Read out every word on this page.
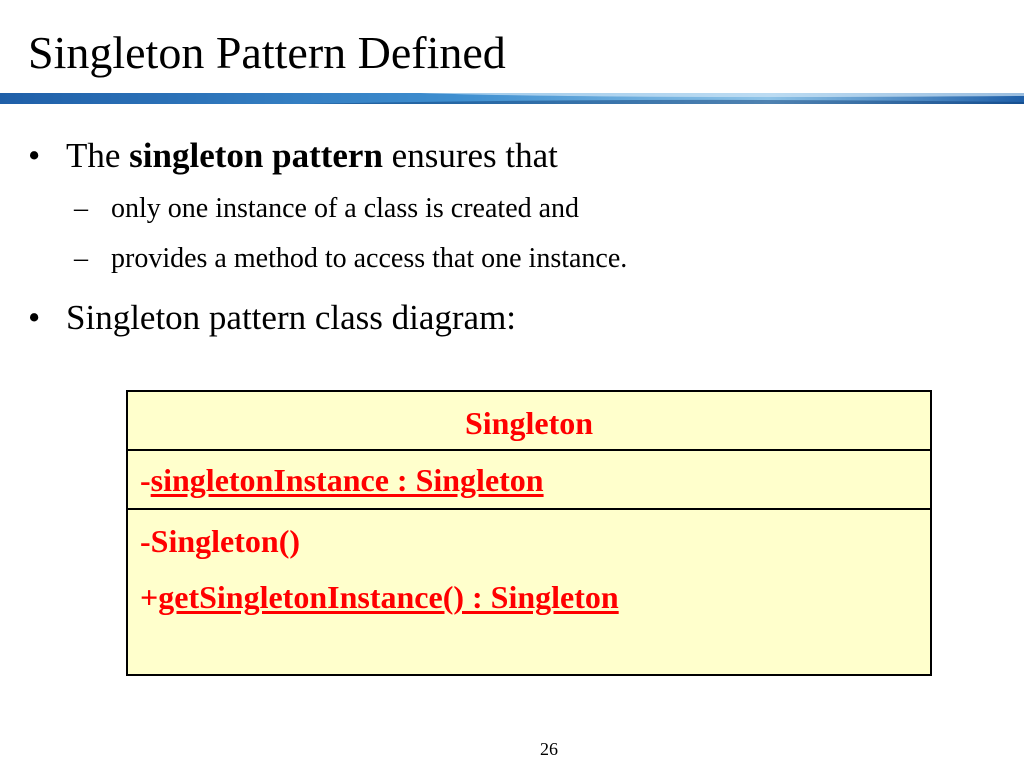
Singleton Pattern Defined
• The singleton pattern ensures that
– only one instance of a class is created and
– provides a method to access that one instance.
• Singleton pattern class diagram:
Singleton
-singletonInstance : Singleton
-Singleton()
+getSingletonInstance() : Singleton
26
